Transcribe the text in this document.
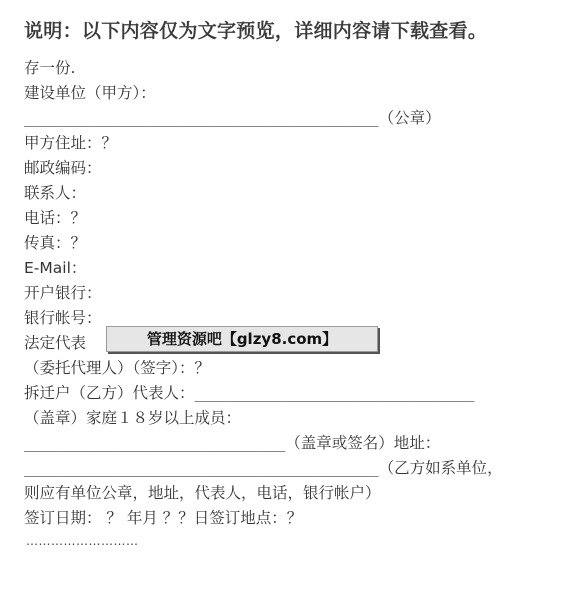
说明：以下内容仅为文字预览，详细内容请下载查看。
存一份.
建设单位（甲方）：
______________________________________（公章）
甲方住址：？
邮政编码：
联系人：
电话：？
传真：？
E-Mail：
开户银行：
银行帐号：
法定代表
（委托代理人）（签字）：？
拆迁户（乙方）代表人：______________________________
（盖章）家庭１８岁以上成员：
____________________________（盖章或签名）地址：
______________________________________（乙方如系单位，
则应有单位公章，地址，代表人，电话，银行帐户）
签订日期： ？ 年月 ？？日签订地点：？
管理资源吧【glzy8.com】
………………………
